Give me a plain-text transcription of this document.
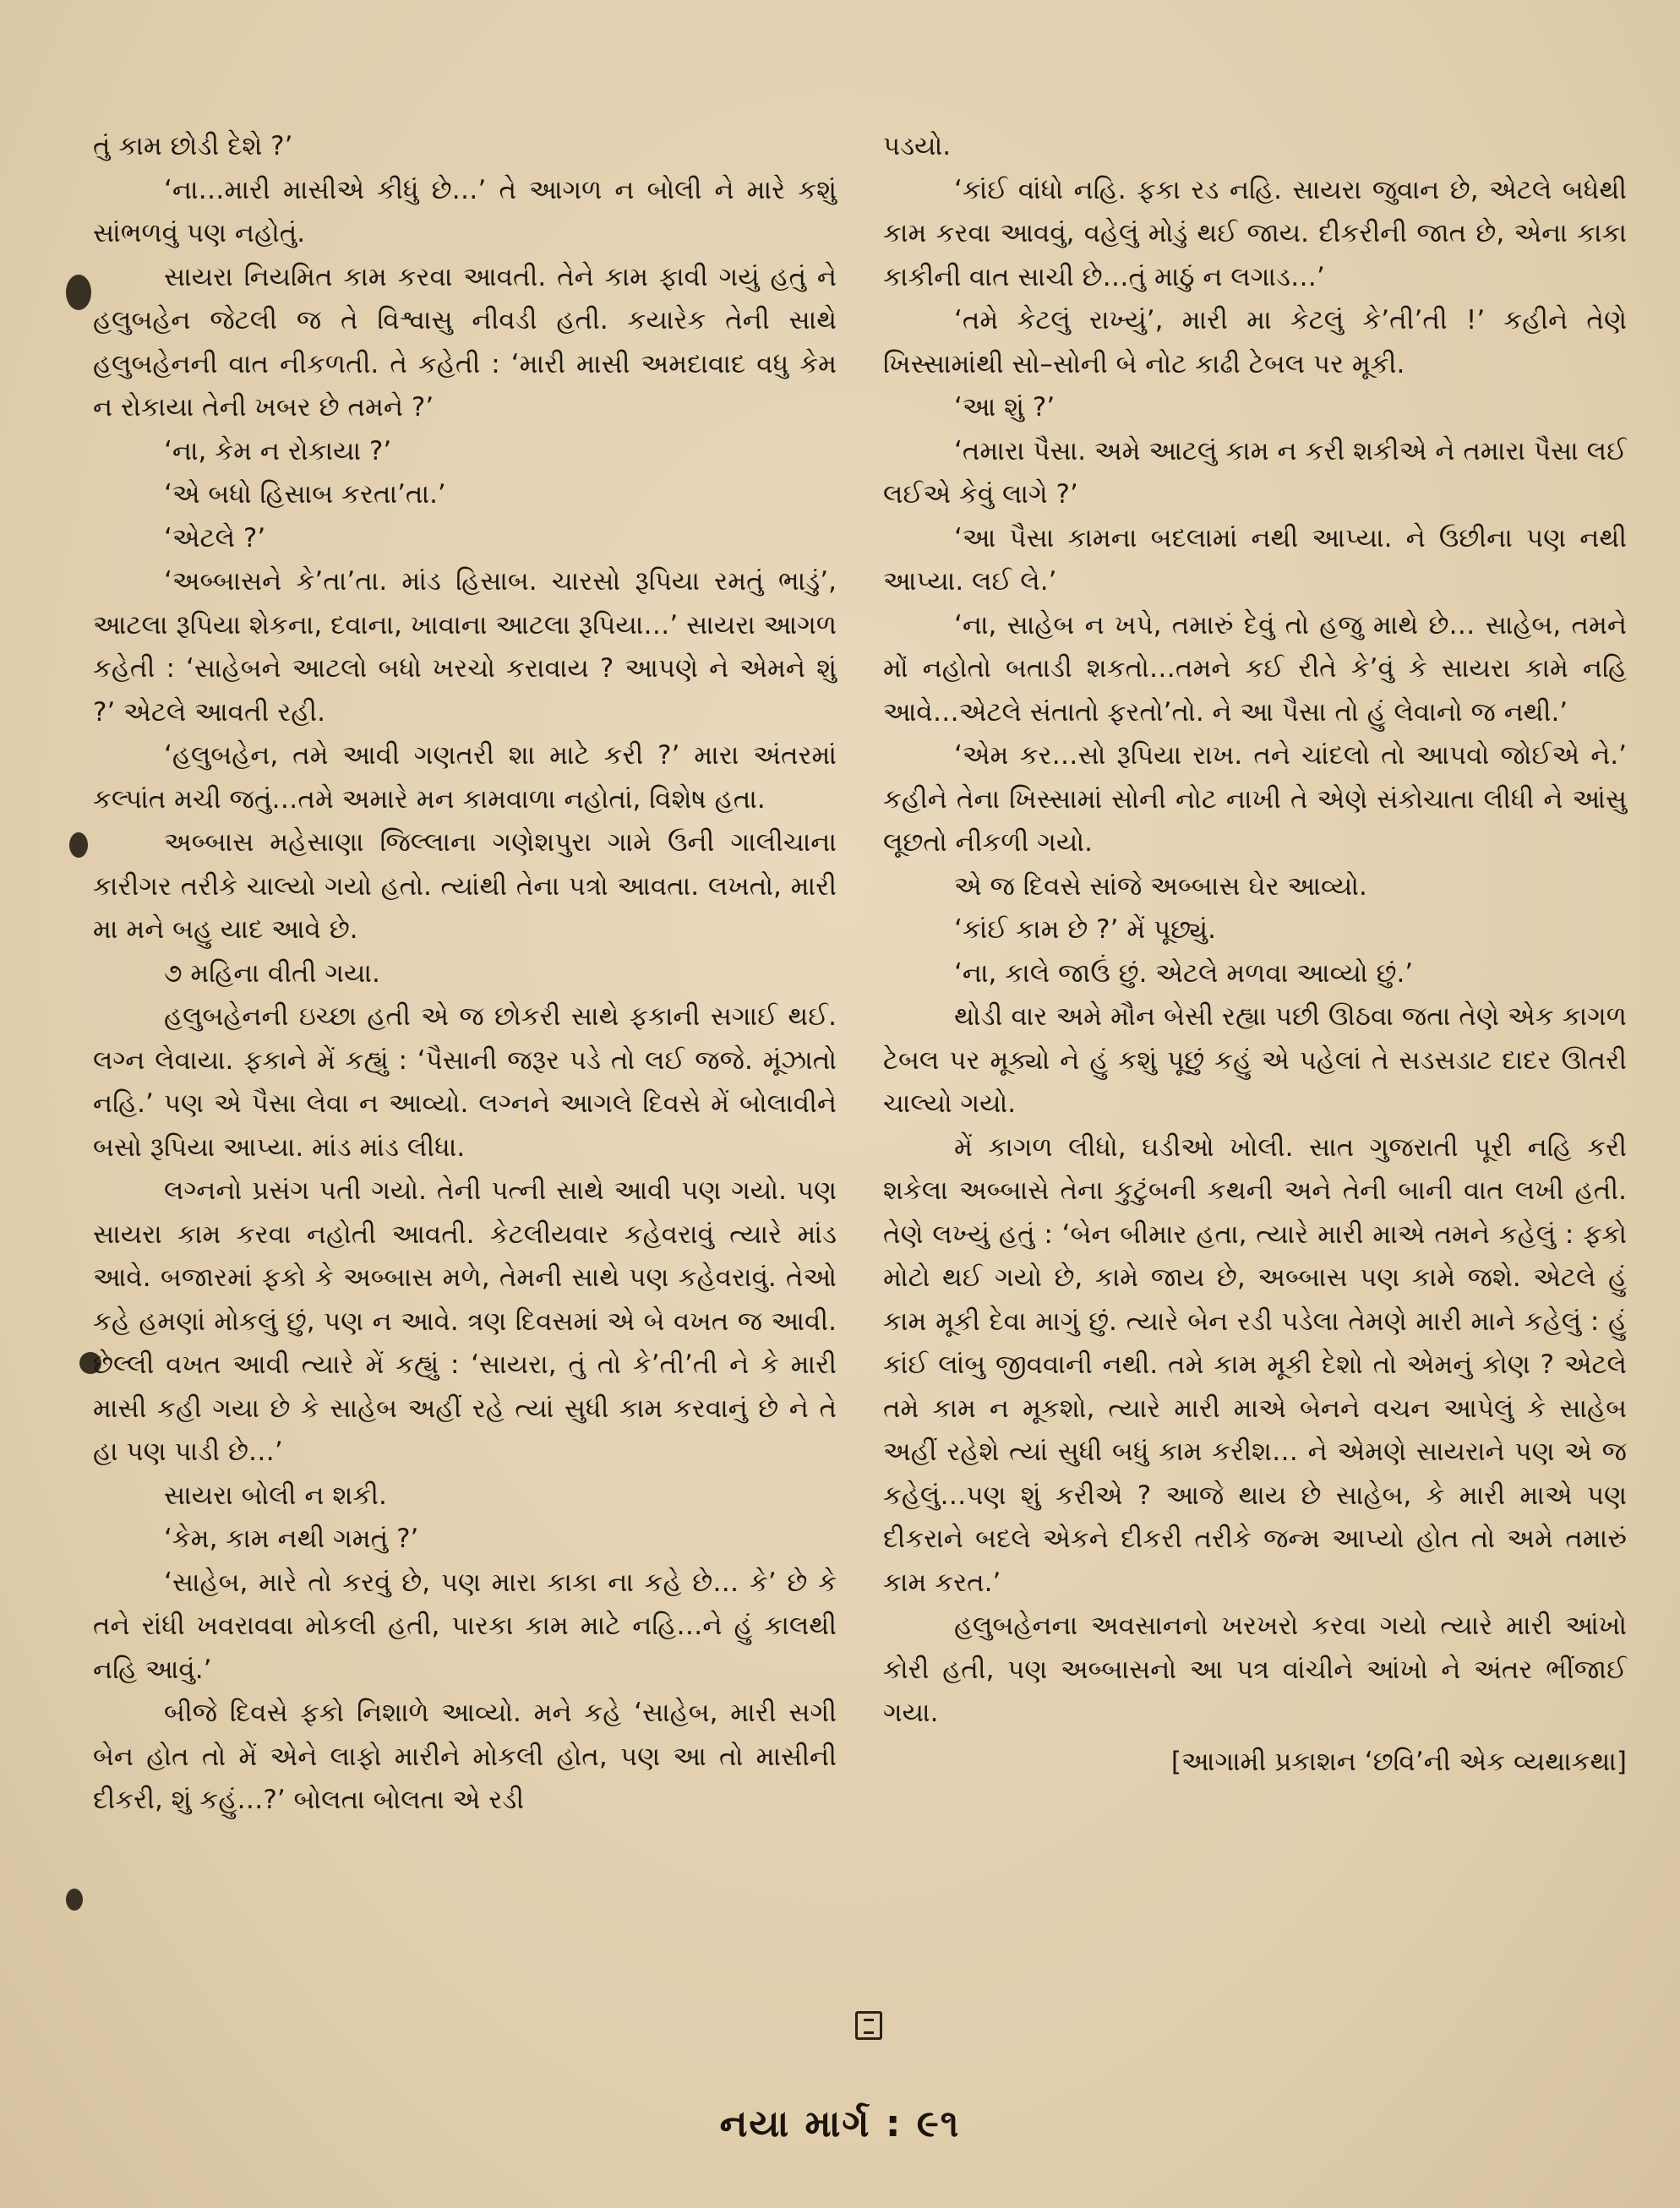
તું કામ છોડી દેશે ?’

‘ના…મારી માસીએ કીધું છે…’ તે આગળ ન બોલી ને મારે કશું સાંભળવું પણ નહોતું.

સાયરા નિયમિત કામ કરવા આવતી. તેને કામ ફાવી ગયું હતું ને હલુબહેન જેટલી જ તે વિશ્વાસુ નીવડી હતી. કયારેક તેની સાથે હલુબહેનની વાત નીકળતી. તે કહેતી : ‘મારી માસી અમદાવાદ વધુ કેમ ન રોકાયા તેની ખબર છે તમને ?’

‘ના, કેમ ન રોકાયા ?’

‘એ બધો હિસાબ કરતા’તા.’

‘એટલે ?’

‘અબ્બાસને કે’તા’તા. માંડ હિસાબ. ચારસો રૂપિયા રમતું ભાડું’, આટલા રૂપિયા શેકના, દવાના, ખાવાના આટલા રૂપિયા…’ સાયરા આગળ કહેતી : ‘સાહેબને આટલો બધો ખરચો કરાવાય ? આપણે ને એમને શું ?’ એટલે આવતી રહી.

‘હલુબહેન, તમે આવી ગણતરી શા માટે કરી ?’ મારા અંતરમાં કલ્પાંત મચી જતું…તમે અમારે મન કામવાળા નહોતાં, વિશેષ હતા.

અબ્બાસ મહેસાણા જિલ્લાના ગણેશપુરા ગામે ઉની ગાલીચાના કારીગર તરીકે ચાલ્યો ગયો હતો. ત્યાંથી તેના પત્રો આવતા. લખતો, મારી મા મને બહુ યાદ આવે છે.

૭ મહિના વીતી ગયા.

હલુબહેનની ઇચ્છા હતી એ જ છોકરી સાથે ફકાની સગાઈ થઈ. લગ્ન લેવાયા. ફકાને મેં કહ્યું : ‘પૈસાની જરૂર પડે તો લઈ જજે. મૂંઝાતો નહિ.’ પણ એ પૈસા લેવા ન આવ્યો. લગ્નને આગલે દિવસે મેં બોલાવીને બસો રૂપિયા આપ્યા. માંડ માંડ લીધા.

લગ્નનો પ્રસંગ પતી ગયો. તેની પત્ની સાથે આવી પણ ગયો. પણ સાયરા કામ કરવા નહોતી આવતી. કેટલીયવાર કહેવરાવું ત્યારે માંડ આવે. બજારમાં ફકો કે અબ્બાસ મળે, તેમની સાથે પણ કહેવરાવું. તેઓ કહે હમણાં મોકલું છું, પણ ન આવે. ત્રણ દિવસમાં એ બે વખત જ આવી. છેલ્લી વખત આવી ત્યારે મેં કહ્યું : ‘સાયરા, તું તો કે’તી’તી ને કે મારી માસી કહી ગયા છે કે સાહેબ અહીં રહે ત્યાં સુધી કામ કરવાનું છે ને તે હા પણ પાડી છે…’

સાયરા બોલી ન શકી.

‘કેમ, કામ નથી ગમતું ?’

‘સાહેબ, મારે તો કરવું છે, પણ મારા કાકા ના કહે છે… કે’ છે કે તને રાંધી ખવરાવવા મોકલી હતી, પારકા કામ માટે નહિ…ને હું કાલથી નહિ આવું.’

બીજે દિવસે ફકો નિશાળે આવ્યો. મને કહે ‘સાહેબ, મારી સગી બેન હોત તો મેં એને લાફો મારીને મોકલી હોત, પણ આ તો માસીની દીકરી, શું કહું…?’ બોલતા બોલતા એ રડી

પડયો.

‘કાંઈ વાંધો નહિ. ફકા રડ નહિ. સાયરા જુવાન છે, એટલે બધેથી કામ કરવા આવવું, વહેલું મોડું થઈ જાય. દીકરીની જાત છે, એના કાકા કાકીની વાત સાચી છે…તું માઠું ન લગાડ…’

‘તમે કેટલું રાખ્યું’, મારી મા કેટલું કે’તી’તી !’ કહીને તેણે ખિસ્સામાંથી સો–સોની બે નોટ કાઢી ટેબલ પર મૂકી.

‘આ શું ?’

‘તમારા પૈસા. અમે આટલું કામ ન કરી શકીએ ને તમારા પૈસા લઈ લઈએ કેવું લાગે ?’

‘આ પૈસા કામના બદલામાં નથી આપ્યા. ને ઉછીના પણ નથી આપ્યા. લઈ લે.’

‘ના, સાહેબ ન ખપે, તમારું દેવું તો હજુ માથે છે… સાહેબ, તમને મોં નહોતો બતાડી શકતો…તમને કઈ રીતે કે’વું કે સાયરા કામે નહિ આવે…એટલે સંતાતો ફરતો’તો. ને આ પૈસા તો હું લેવાનો જ નથી.’

‘એમ કર…સો રૂપિયા રાખ. તને ચાંદલો તો આપવો જોઈએ ને.’ કહીને તેના ખિસ્સામાં સોની નોટ નાખી તે એણે સંકોચાતા લીધી ને આંસુ લૂછતો નીકળી ગયો.

એ જ દિવસે સાંજે અબ્બાસ ઘેર આવ્યો.

‘કાંઈ કામ છે ?’ મેં પૂછ્યું.

‘ના, કાલે જાઉં છું. એટલે મળવા આવ્યો છું.’

થોડી વાર અમે મૌન બેસી રહ્યા પછી ઊઠવા જતા તેણે એક કાગળ ટેબલ પર મૂક્યો ને હું કશું પૂછું કહું એ પહેલાં તે સડસડાટ દાદર ઊતરી ચાલ્યો ગયો.

મેં કાગળ લીધો, ઘડીઓ ખોલી. સાત ગુજરાતી પૂરી નહિ કરી શકેલા અબ્બાસે તેના કુટુંબની કથની અને તેની બાની વાત લખી હતી. તેણે લખ્યું હતું : ‘બેન બીમાર હતા, ત્યારે મારી માએ તમને કહેલું : ફકો મોટો થઈ ગયો છે, કામે જાય છે, અબ્બાસ પણ કામે જશે. એટલે હું કામ મૂકી દેવા માગું છું. ત્યારે બેન રડી પડેલા તેમણે મારી માને કહેલું : હું કાંઈ લાંબુ જીવવાની નથી. તમે કામ મૂકી દેશો તો એમનું કોણ ? એટલે તમે કામ ન મૂકશો, ત્યારે મારી માએ બેનને વચન આપેલું કે સાહેબ અહીં રહેશે ત્યાં સુધી બધું કામ કરીશ… ને એમણે સાયરાને પણ એ જ કહેલું…પણ શું કરીએ ? આજે થાય છે સાહેબ, કે મારી માએ પણ દીકરાને બદલે એકને દીકરી તરીકે જન્મ આપ્યો હોત તો અમે તમારું કામ કરત.’

હલુબહેનના અવસાનનો ખરખરો કરવા ગયો ત્યારે મારી આંખો કોરી હતી, પણ અબ્બાસનો આ પત્ર વાંચીને આંખો ને અંતર ભીંજાઈ ગયા.

[આગામી પ્રકાશન ‘છવિ’ની એક વ્યથાકથા]

નયા માર્ગ : ૯૧
